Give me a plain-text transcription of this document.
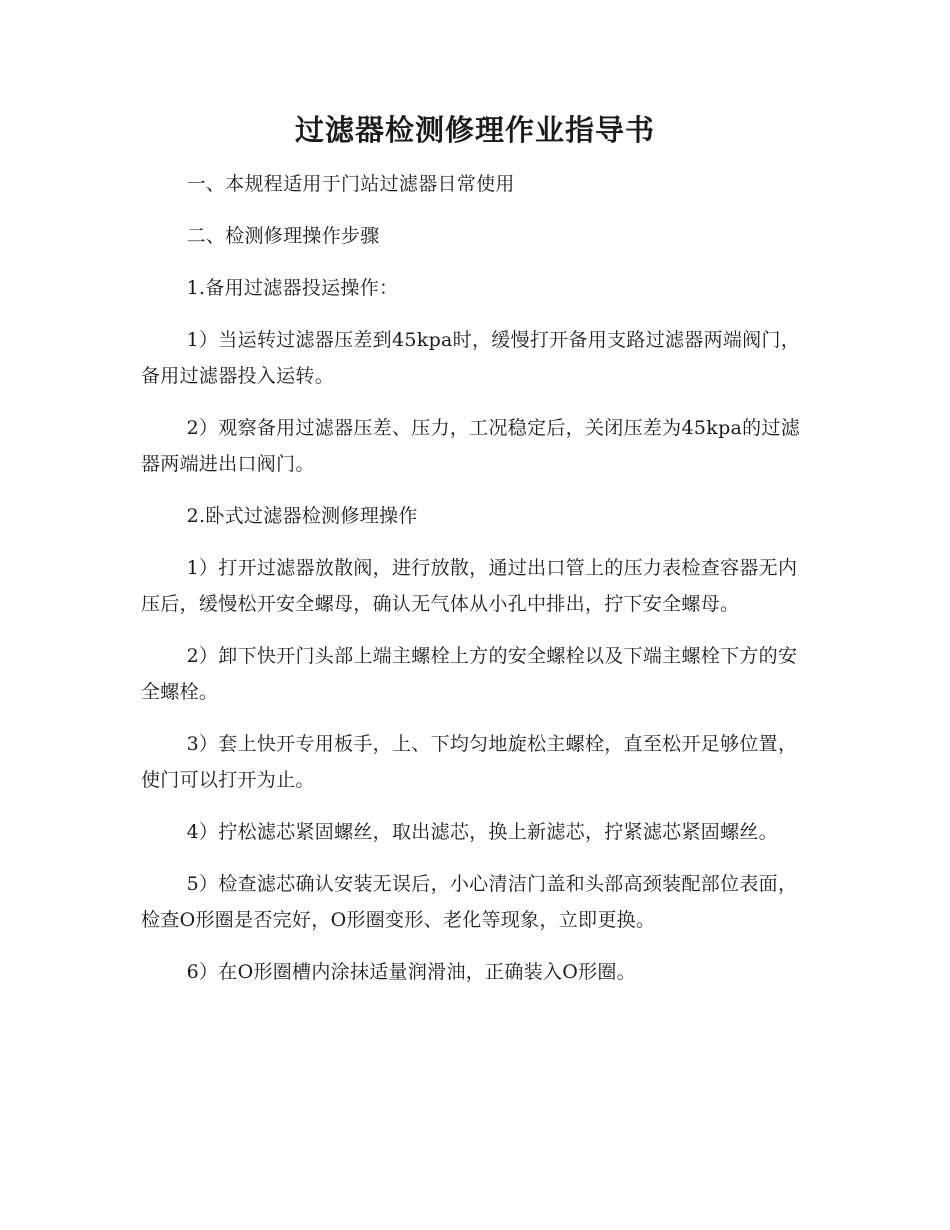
过滤器检测修理作业指导书

一、本规程适用于门站过滤器日常使用

二、检测修理操作步骤

1.备用过滤器投运操作：

1）当运转过滤器压差到45kpa时，缓慢打开备用支路过滤器两端阀门，备用过滤器投入运转。

2）观察备用过滤器压差、压力，工况稳定后，关闭压差为45kpa的过滤器两端进出口阀门。

2.卧式过滤器检测修理操作

1）打开过滤器放散阀，进行放散，通过出口管上的压力表检查容器无内压后，缓慢松开安全螺母，确认无气体从小孔中排出，拧下安全螺母。

2）卸下快开门头部上端主螺栓上方的安全螺栓以及下端主螺栓下方的安全螺栓。

3）套上快开专用板手，上、下均匀地旋松主螺栓，直至松开足够位置，使门可以打开为止。

4）拧松滤芯紧固螺丝，取出滤芯，换上新滤芯，拧紧滤芯紧固螺丝。

5）检查滤芯确认安装无误后，小心清洁门盖和头部高颈装配部位表面，检查O形圈是否完好，O形圈变形、老化等现象，立即更换。

6）在O形圈槽内涂抹适量润滑油，正确装入O形圈。
